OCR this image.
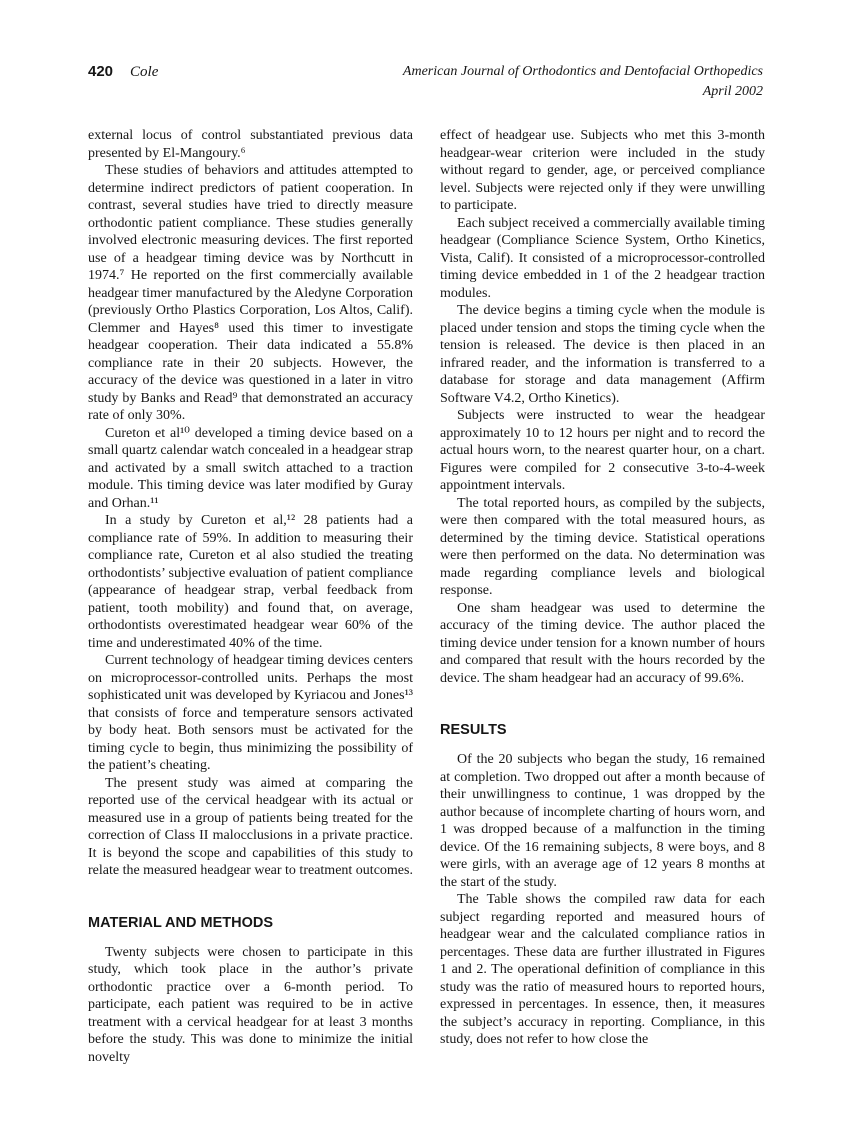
420 Cole	American Journal of Orthodontics and Dentofacial Orthopedics
April 2002

external locus of control substantiated previous data presented by El-Mangoury.⁶

These studies of behaviors and attitudes attempted to determine indirect predictors of patient cooperation. In contrast, several studies have tried to directly measure orthodontic patient compliance. These studies generally involved electronic measuring devices. The first reported use of a headgear timing device was by Northcutt in 1974.⁷ He reported on the first commercially available headgear timer manufactured by the Aledyne Corporation (previously Ortho Plastics Corporation, Los Altos, Calif). Clemmer and Hayes⁸ used this timer to investigate headgear cooperation. Their data indicated a 55.8% compliance rate in their 20 subjects. However, the accuracy of the device was questioned in a later in vitro study by Banks and Read⁹ that demonstrated an accuracy rate of only 30%.

Cureton et al¹⁰ developed a timing device based on a small quartz calendar watch concealed in a headgear strap and activated by a small switch attached to a traction module. This timing device was later modified by Guray and Orhan.¹¹

In a study by Cureton et al,¹² 28 patients had a compliance rate of 59%. In addition to measuring their compliance rate, Cureton et al also studied the treating orthodontists’ subjective evaluation of patient compliance (appearance of headgear strap, verbal feedback from patient, tooth mobility) and found that, on average, orthodontists overestimated headgear wear 60% of the time and underestimated 40% of the time.

Current technology of headgear timing devices centers on microprocessor-controlled units. Perhaps the most sophisticated unit was developed by Kyriacou and Jones¹³ that consists of force and temperature sensors activated by body heat. Both sensors must be activated for the timing cycle to begin, thus minimizing the possibility of the patient’s cheating.

The present study was aimed at comparing the reported use of the cervical headgear with its actual or measured use in a group of patients being treated for the correction of Class II malocclusions in a private practice. It is beyond the scope and capabilities of this study to relate the measured headgear wear to treatment outcomes.

MATERIAL AND METHODS

Twenty subjects were chosen to participate in this study, which took place in the author’s private orthodontic practice over a 6-month period. To participate, each patient was required to be in active treatment with a cervical headgear for at least 3 months before the study. This was done to minimize the initial novelty

effect of headgear use. Subjects who met this 3-month headgear-wear criterion were included in the study without regard to gender, age, or perceived compliance level. Subjects were rejected only if they were unwilling to participate.

Each subject received a commercially available timing headgear (Compliance Science System, Ortho Kinetics, Vista, Calif). It consisted of a microprocessor-controlled timing device embedded in 1 of the 2 headgear traction modules.

The device begins a timing cycle when the module is placed under tension and stops the timing cycle when the tension is released. The device is then placed in an infrared reader, and the information is transferred to a database for storage and data management (Affirm Software V4.2, Ortho Kinetics).

Subjects were instructed to wear the headgear approximately 10 to 12 hours per night and to record the actual hours worn, to the nearest quarter hour, on a chart. Figures were compiled for 2 consecutive 3-to-4-week appointment intervals.

The total reported hours, as compiled by the subjects, were then compared with the total measured hours, as determined by the timing device. Statistical operations were then performed on the data. No determination was made regarding compliance levels and biological response.

One sham headgear was used to determine the accuracy of the timing device. The author placed the timing device under tension for a known number of hours and compared that result with the hours recorded by the device. The sham headgear had an accuracy of 99.6%.

RESULTS

Of the 20 subjects who began the study, 16 remained at completion. Two dropped out after a month because of their unwillingness to continue, 1 was dropped by the author because of incomplete charting of hours worn, and 1 was dropped because of a malfunction in the timing device. Of the 16 remaining subjects, 8 were boys, and 8 were girls, with an average age of 12 years 8 months at the start of the study.

The Table shows the compiled raw data for each subject regarding reported and measured hours of headgear wear and the calculated compliance ratios in percentages. These data are further illustrated in Figures 1 and 2. The operational definition of compliance in this study was the ratio of measured hours to reported hours, expressed in percentages. In essence, then, it measures the subject’s accuracy in reporting. Compliance, in this study, does not refer to how close the
